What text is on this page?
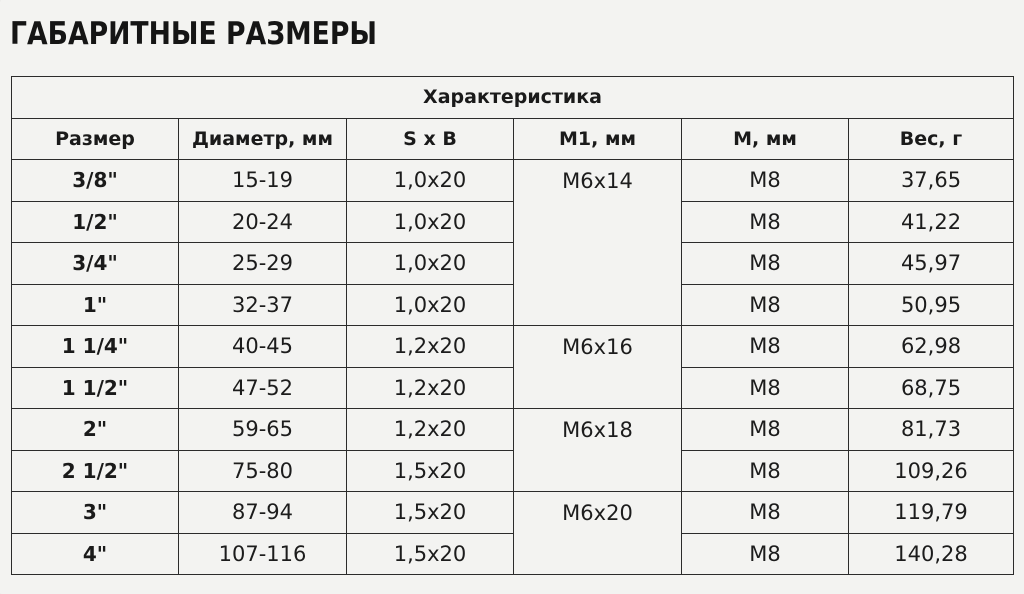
ГАБАРИТНЫЕ РАЗМЕРЫ
Характеристика					
Размер	Диаметр, мм	S x B	M1, мм	M, мм	Вес, г
3/8"	15-19	1,0x20	M6x14	M8	37,65
1/2"	20-24	1,0x20		M8	41,22
3/4"	25-29	1,0x20		M8	45,97
1"	32-37	1,0x20		M8	50,95
1 1/4"	40-45	1,2x20	M6x16	M8	62,98
1 1/2"	47-52	1,2x20		M8	68,75
2"	59-65	1,2x20	M6x18	M8	81,73
2 1/2"	75-80	1,5x20		M8	109,26
3"	87-94	1,5x20	M6x20	M8	119,79
4"	107-116	1,5x20		M8	140,28
